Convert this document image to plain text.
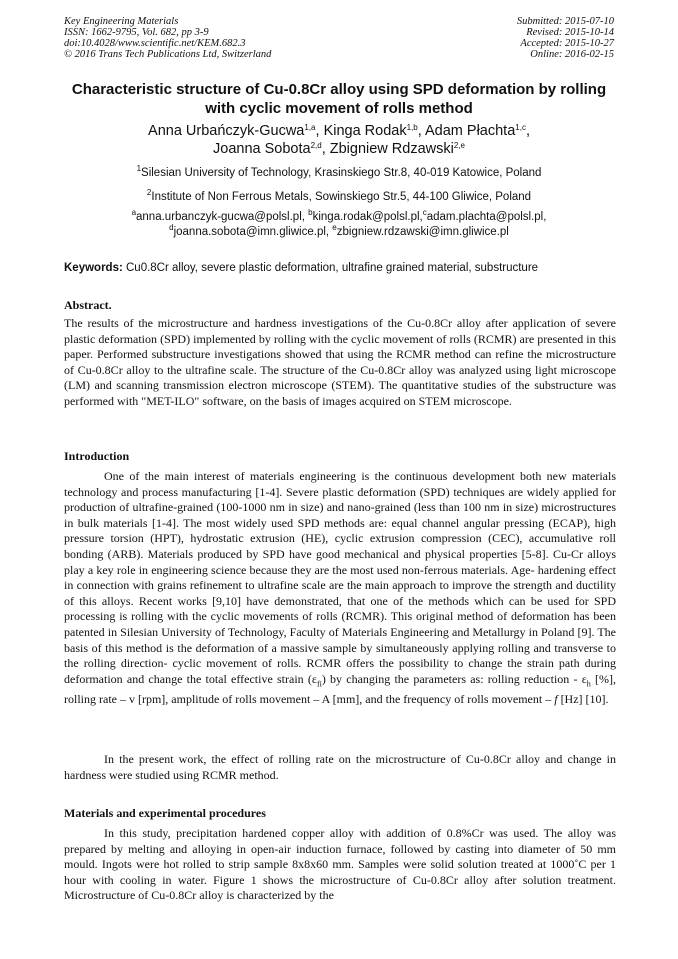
Key Engineering Materials
ISSN: 1662-9795, Vol. 682, pp 3-9
doi:10.4028/www.scientific.net/KEM.682.3
© 2016 Trans Tech Publications Ltd, Switzerland
Submitted: 2015-07-10
Revised: 2015-10-14
Accepted: 2015-10-27
Online: 2016-02-15
Characteristic structure of Cu-0.8Cr alloy using SPD deformation by rolling with cyclic movement of rolls method
Anna Urbańczyk-Gucwa$^{1,a}$, Kinga Rodak$^{1,b}$, Adam Płachta$^{1,c}$,
Joanna Sobota$^{2,d}$, Zbigniew Rdzawski$^{2,e}$
$^1$Silesian University of Technology, Krasinskiego Str.8, 40-019 Katowice, Poland
$^2$Institute of Non Ferrous Metals, Sowinskiego Str.5, 44-100 Gliwice, Poland
$^a$anna.urbanczyk-gucwa@polsl.pl, $^b$kinga.rodak@polsl.pl,$^c$adam.plachta@polsl.pl,
$^d$joanna.sobota@imn.gliwice.pl, $^e$zbigniew.rdzawski@imn.gliwice.pl
Keywords: Cu0.8Cr alloy, severe plastic deformation, ultrafine grained material, substructure
Abstract.
The results of the microstructure and hardness investigations of the Cu-0.8Cr alloy after application of severe plastic deformation (SPD) implemented by rolling with the cyclic movement of rolls (RCMR) are presented in this paper. Performed substructure investigations showed that using the RCMR method can refine the microstructure of Cu-0.8Cr alloy to the ultrafine scale. The structure of the Cu-0.8Cr alloy was analyzed using light microscope (LM) and scanning transmission electron microscope (STEM). The quantitative studies of the substructure was performed with "MET-ILO" software, on the basis of images acquired on STEM microscope.
Introduction
One of the main interest of materials engineering is the continuous development both new materials technology and process manufacturing [1-4]. Severe plastic deformation (SPD) techniques are widely applied for production of ultrafine-grained (100-1000 nm in size) and nano-grained (less than 100 nm in size) microstructures in bulk materials [1-4]. The most widely used SPD methods are: equal channel angular pressing (ECAP), high pressure torsion (HPT), hydrostatic extrusion (HE), cyclic extrusion compression (CEC), accumulative roll bonding (ARB). Materials produced by SPD have good mechanical and physical properties [5-8]. Cu-Cr alloys play a key role in engineering science because they are the most used non-ferrous materials. Age- hardening effect in connection with grains refinement to ultrafine scale are the main approach to improve the strength and ductility of this alloys. Recent works [9,10] have demonstrated, that one of the methods which can be used for SPD processing is rolling with the cyclic movements of rolls (RCMR). This original method of deformation has been patented in Silesian University of Technology, Faculty of Materials Engineering and Metallurgy in Poland [9]. The basis of this method is the deformation of a massive sample by simultaneously applying rolling and transverse to the rolling direction- cyclic movement of rolls. RCMR offers the possibility to change the strain path during deformation and change the total effective strain $(\varepsilon_{fi})$ by changing the parameters as: rolling reduction - $\varepsilon_h$ [%], rolling rate – v [rpm], amplitude of rolls movement – A [mm], and the frequency of rolls movement – f [Hz] [10].
In the present work, the effect of rolling rate on the microstructure of Cu-0.8Cr alloy and change in hardness were studied using RCMR method.
Materials and experimental procedures
In this study, precipitation hardened copper alloy with addition of 0.8%Cr was used. The alloy was prepared by melting and alloying in open-air induction furnace, followed by casting into diameter of 50 mm mould. Ingots were hot rolled to strip sample 8x8x60 mm. Samples were solid solution treated at 1000˚C per 1 hour with cooling in water. Figure 1 shows the microstructure of Cu-0.8Cr alloy after solution treatment. Microstructure of Cu-0.8Cr alloy is characterized by the
